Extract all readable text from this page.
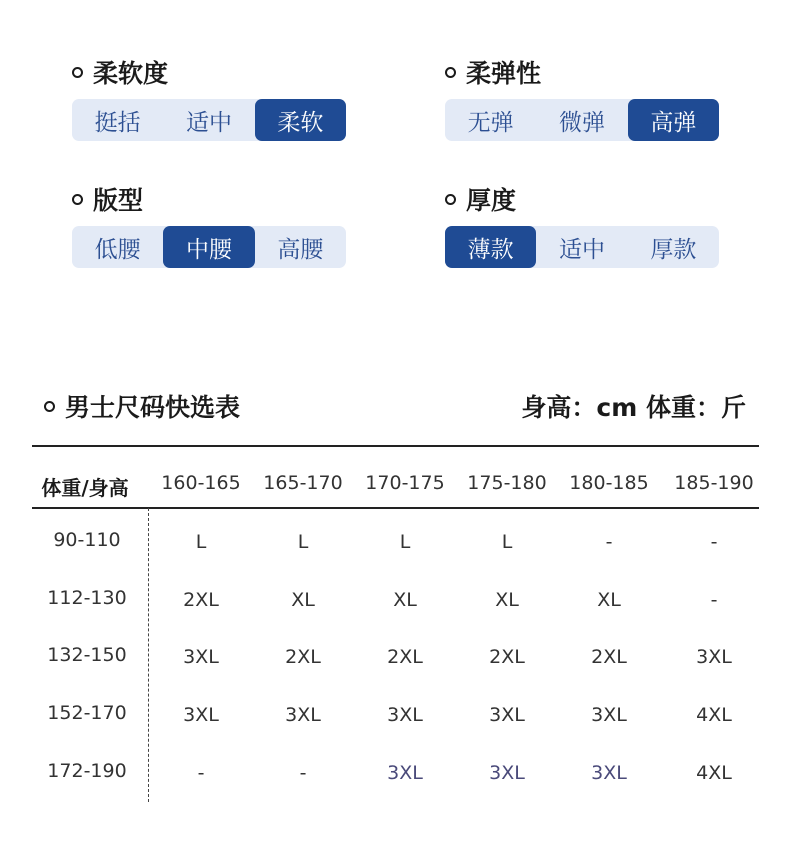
柔软度
挺括	适中	柔软
柔弹性
无弹	微弹	高弹
版型
低腰	中腰	高腰
厚度
薄款	适中	厚款
男士尺码快选表	身高：cm 体重：斤
体重/身高 160-165 165-170 170-175 175-180 180-185 185-190
90-110	L	L	L	L	-	-
112-130	2XL	XL	XL	XL	XL	-
132-150	3XL	2XL	2XL	2XL	2XL	3XL
152-170	3XL	3XL	3XL	3XL	3XL	4XL
172-190	-	-	3XL	3XL	3XL	4XL
